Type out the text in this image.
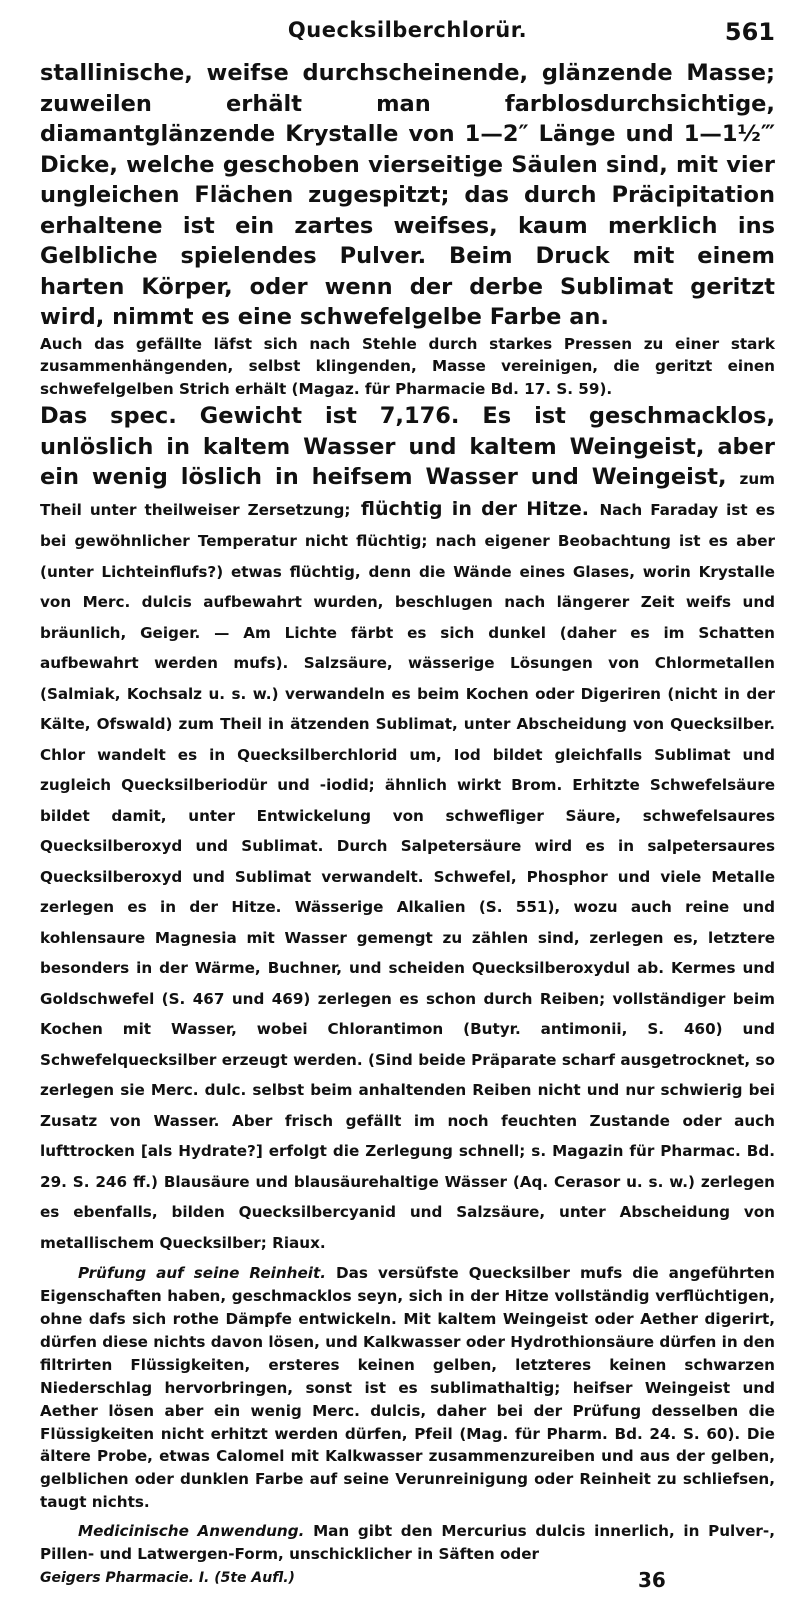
Quecksilberchlorür.	561

stallinische, weifse durchscheinende, glänzende Masse; zuweilen erhält man farblosdurchsichtige, diamantglänzende Krystalle von 1—2″ Länge und 1—1½‴ Dicke, welche geschoben vierseitige Säulen sind, mit vier ungleichen Flächen zugespitzt; das durch Präcipitation erhaltene ist ein zartes weifses, kaum merklich ins Gelbliche spielendes Pulver. Beim Druck mit einem harten Körper, oder wenn der derbe Sublimat geritzt wird, nimmt es eine schwefelgelbe Farbe an.

Auch das gefällte läfst sich nach Stehle durch starkes Pressen zu einer stark zusammenhängenden, selbst klingenden, Masse vereinigen, die geritzt einen schwefelgelben Strich erhält (Magaz. für Pharmacie Bd. 17. S. 59).

Das spec. Gewicht ist 7,176. Es ist geschmacklos, unlöslich in kaltem Wasser und kaltem Weingeist, aber ein wenig löslich in heifsem Wasser und Weingeist, zum Theil unter theilweiser Zersetzung; flüchtig in der Hitze. Nach Faraday ist es bei gewöhnlicher Temperatur nicht flüchtig; nach eigener Beobachtung ist es aber (unter Lichteinflufs?) etwas flüchtig, denn die Wände eines Glases, worin Krystalle von Merc. dulcis aufbewahrt wurden, beschlugen nach längerer Zeit weifs und bräunlich, Geiger. — Am Lichte färbt es sich dunkel (daher es im Schatten aufbewahrt werden mufs). Salzsäure, wässerige Lösungen von Chlormetallen (Salmiak, Kochsalz u. s. w.) verwandeln es beim Kochen oder Digeriren (nicht in der Kälte, Ofswald) zum Theil in ätzenden Sublimat, unter Abscheidung von Quecksilber. Chlor wandelt es in Quecksilberchlorid um, Iod bildet gleichfalls Sublimat und zugleich Quecksilberiodür und -iodid; ähnlich wirkt Brom. Erhitzte Schwefelsäure bildet damit, unter Entwickelung von schwefliger Säure, schwefelsaures Quecksilberoxyd und Sublimat. Durch Salpetersäure wird es in salpetersaures Quecksilberoxyd und Sublimat verwandelt. Schwefel, Phosphor und viele Metalle zerlegen es in der Hitze. Wässerige Alkalien (S. 551), wozu auch reine und kohlensaure Magnesia mit Wasser gemengt zu zählen sind, zerlegen es, letztere besonders in der Wärme, Buchner, und scheiden Quecksilberoxydul ab. Kermes und Goldschwefel (S. 467 und 469) zerlegen es schon durch Reiben; vollständiger beim Kochen mit Wasser, wobei Chlorantimon (Butyr. antimonii, S. 460) und Schwefelquecksilber erzeugt werden. (Sind beide Präparate scharf ausgetrocknet, so zerlegen sie Merc. dulc. selbst beim anhaltenden Reiben nicht und nur schwierig bei Zusatz von Wasser. Aber frisch gefällt im noch feuchten Zustande oder auch lufttrocken [als Hydrate?] erfolgt die Zerlegung schnell; s. Magazin für Pharmac. Bd. 29. S. 246 ff.) Blausäure und blausäurehaltige Wässer (Aq. Cerasor u. s. w.) zerlegen es ebenfalls, bilden Quecksilbercyanid und Salzsäure, unter Abscheidung von metallischem Quecksilber; Riaux.

Prüfung auf seine Reinheit. Das versüfste Quecksilber mufs die angeführten Eigenschaften haben, geschmacklos seyn, sich in der Hitze vollständig verflüchtigen, ohne dafs sich rothe Dämpfe entwickeln. Mit kaltem Weingeist oder Aether digerirt, dürfen diese nichts davon lösen, und Kalkwasser oder Hydrothionsäure dürfen in den filtrirten Flüssigkeiten, ersteres keinen gelben, letzteres keinen schwarzen Niederschlag hervorbringen, sonst ist es sublimathaltig; heifser Weingeist und Aether lösen aber ein wenig Merc. dulcis, daher bei der Prüfung desselben die Flüssigkeiten nicht erhitzt werden dürfen, Pfeil (Mag. für Pharm. Bd. 24. S. 60). Die ältere Probe, etwas Calomel mit Kalkwasser zusammenzureiben und aus der gelben, gelblichen oder dunklen Farbe auf seine Verunreinigung oder Reinheit zu schliefsen, taugt nichts.

Medicinische Anwendung. Man gibt den Mercurius dulcis innerlich, in Pulver-, Pillen- und Latwergen-Form, unschicklicher in Säften oder

Geigers Pharmacie. I. (5te Aufl.)	36
